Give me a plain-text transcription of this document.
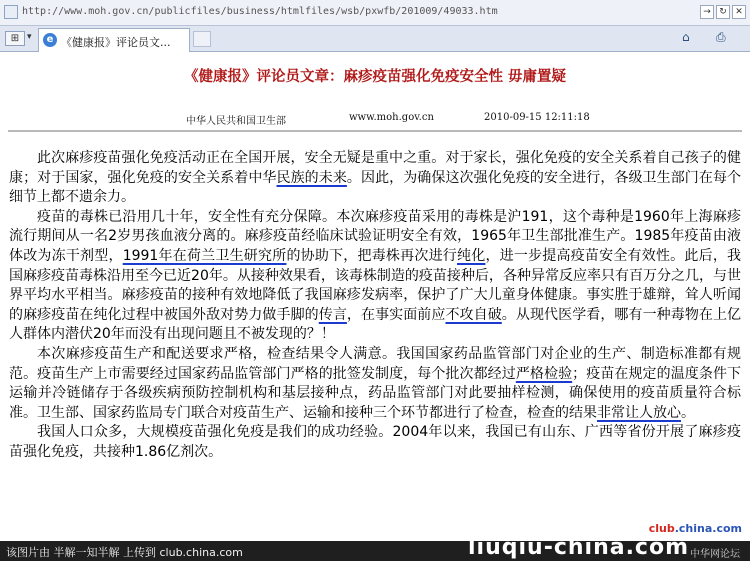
http://www.moh.gov.cn/publicfiles/business/htmlfiles/wsb/pxwfb/201009/49033.htm	→ ↻ ✕
⊞ ▾	e 《健康报》评论员文...	⌂ ⎙
《健康报》评论员文章：麻疹疫苗强化免疫安全性 毋庸置疑
中华人民共和国卫生部	www.moh.gov.cn	2010-09-15 12:11:18

此次麻疹疫苗强化免疫活动正在全国开展，安全无疑是重中之重。对于家长，强化免疫的安全关系着自己孩子的健康；对于国家，强化免疫的安全关系着中华民族的未来。因此，为确保这次强化免疫的安全进行，各级卫生部门在每个细节上都不遗余力。

疫苗的毒株已沿用几十年，安全性有充分保障。本次麻疹疫苗采用的毒株是沪191，这个毒种是1960年上海麻疹流行期间从一名2岁男孩血液分离的。麻疹疫苗经临床试验证明安全有效，1965年卫生部批准生产。1985年疫苗由液体改为冻干剂型，1991年在荷兰卫生研究所的协助下，把毒株再次进行纯化，进一步提高疫苗安全有效性。此后，我国麻疹疫苗毒株沿用至今已近20年。从接种效果看，该毒株制造的疫苗接种后，各种异常反应率只有百万分之几，与世界平均水平相当。麻疹疫苗的接种有效地降低了我国麻疹发病率，保护了广大儿童身体健康。事实胜于雄辩，耸人听闻的麻疹疫苗在纯化过程中被国外敌对势力做手脚的传言，在事实面前应不攻自破。从现代医学看，哪有一种毒物在上亿人群体内潜伏20年而没有出现问题且不被发现的？！

本次麻疹疫苗生产和配送要求严格，检查结果令人满意。我国国家药品监管部门对企业的生产、制造标准都有规范。疫苗生产上市需要经过国家药品监管部门严格的批签发制度，每个批次都经过严格检验；疫苗在规定的温度条件下运输并冷链储存于各级疾病预防控制机构和基层接种点，药品监管部门对此要抽样检测，确保使用的疫苗质量符合标准。卫生部、国家药监局专门联合对疫苗生产、运输和接种三个环节都进行了检查，检查的结果非常让人放心。

我国人口众多，大规模疫苗强化免疫是我们的成功经验。2004年以来，我国已有山东、广西等省份开展了麻疹疫苗强化免疫，共接种1.86亿剂次。

club.china.com
该图片由 半解一知半解 上传到 club.china.com	liuqiu-china.com 中华网论坛
